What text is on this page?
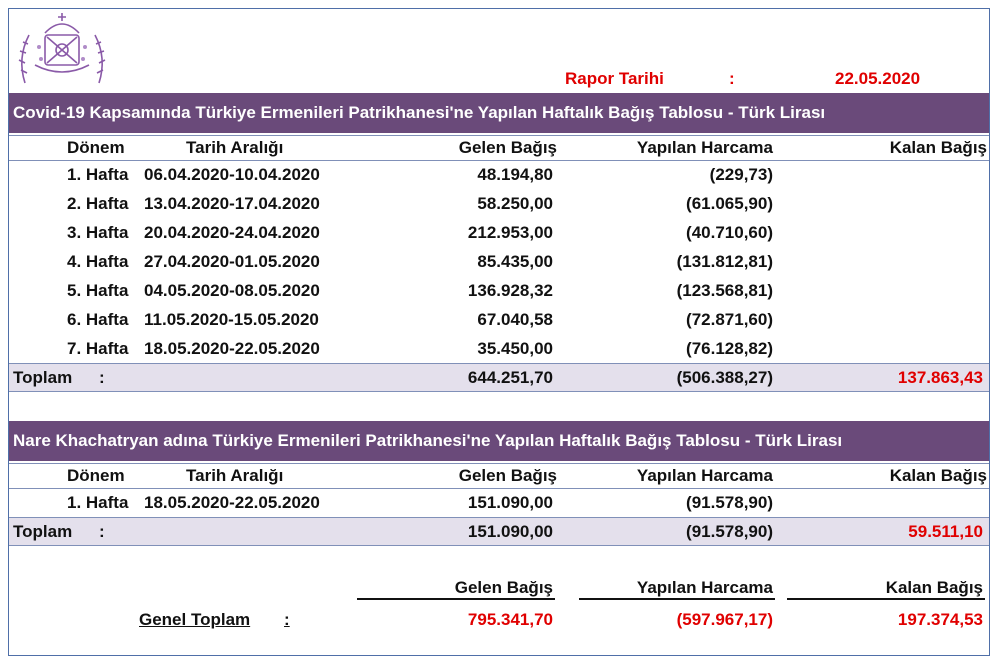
Rapor Tarihi	:	22.05.2020
Covid-19 Kapsamında Türkiye Ermenileri Patrikhanesi'ne Yapılan Haftalık Bağış Tablosu - Türk Lirası
Dönem	Tarih Aralığı	Gelen Bağış	Yapılan Harcama	Kalan Bağış
1. Hafta 06.04.2020-10.04.2020	48.194,80	(229,73)
2. Hafta 13.04.2020-17.04.2020	58.250,00	(61.065,90)
3. Hafta 20.04.2020-24.04.2020	212.953,00	(40.710,60)
4. Hafta 27.04.2020-01.05.2020	85.435,00	(131.812,81)
5. Hafta 04.05.2020-08.05.2020	136.928,32	(123.568,81)
6. Hafta 11.05.2020-15.05.2020	67.040,58	(72.871,60)
7. Hafta 18.05.2020-22.05.2020	35.450,00	(76.128,82)
Toplam :	644.251,70	(506.388,27)	137.863,43
Nare Khachatryan adına Türkiye Ermenileri Patrikhanesi'ne Yapılan Haftalık Bağış Tablosu - Türk Lirası
Dönem	Tarih Aralığı	Gelen Bağış	Yapılan Harcama	Kalan Bağış
1. Hafta 18.05.2020-22.05.2020	151.090,00	(91.578,90)
Toplam :	151.090,00	(91.578,90)	59.511,10
Gelen Bağış	Yapılan Harcama	Kalan Bağış
Genel Toplam :	795.341,70	(597.967,17)	197.374,53
